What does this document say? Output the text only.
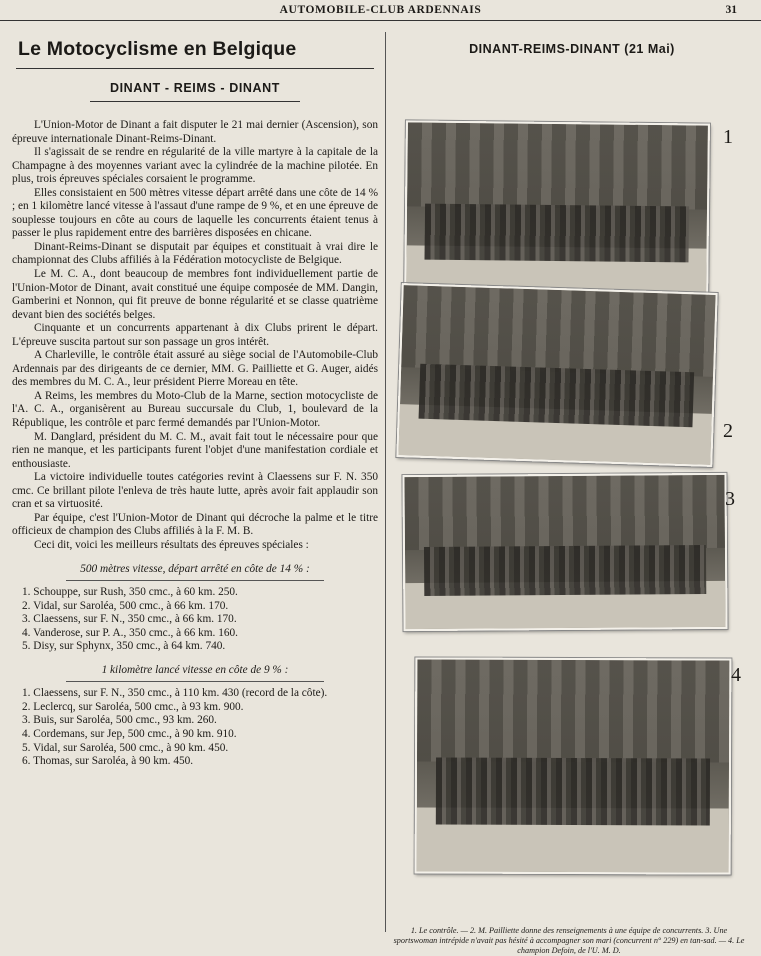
AUTOMOBILE-CLUB ARDENNAIS	31
Le Motocyclisme en Belgique
DINANT - REIMS - DINANT

L'Union-Motor de Dinant a fait disputer le 21 mai dernier (Ascension), son épreuve internationale Dinant-Reims-Dinant.

Il s'agissait de se rendre en régularité de la ville martyre à la capitale de la Champagne à des moyennes variant avec la cylindrée de la machine pilotée. En plus, trois épreuves spéciales corsaient le programme.

Elles consistaient en 500 mètres vitesse départ arrêté dans une côte de 14 % ; en 1 kilomètre lancé vitesse à l'assaut d'une rampe de 9 %, et en une épreuve de souplesse toujours en côte au cours de laquelle les concurrents étaient tenus à passer le plus rapidement entre des barrières disposées en chicane.

Dinant-Reims-Dinant se disputait par équipes et constituait à vrai dire le championnat des Clubs affiliés à la Fédération motocycliste de Belgique.

Le M. C. A., dont beaucoup de membres font individuellement partie de l'Union-Motor de Dinant, avait constitué une équipe composée de MM. Dangin, Gamberini et Nonnon, qui fit preuve de bonne régularité et se classe quatrième devant bien des sociétés belges.

Cinquante et un concurrents appartenant à dix Clubs prirent le départ. L'épreuve suscita partout sur son passage un gros intérêt.

A Charleville, le contrôle était assuré au siège social de l'Automobile-Club Ardennais par des dirigeants de ce dernier, MM. G. Pailliette et G. Auger, aidés des membres du M. C. A., leur président Pierre Moreau en tête.

A Reims, les membres du Moto-Club de la Marne, section motocycliste de l'A. C. A., organisèrent au Bureau succursale du Club, 1, boulevard de la République, les contrôle et parc fermé demandés par l'Union-Motor.

M. Danglard, président du M. C. M., avait fait tout le nécessaire pour que rien ne manque, et les participants furent l'objet d'une manifestation cordiale et enthousiaste.

La victoire individuelle toutes catégories revint à Claessens sur F. N. 350 cmc. Ce brillant pilote l'enleva de très haute lutte, après avoir fait applaudir son cran et sa virtuosité.

Par équipe, c'est l'Union-Motor de Dinant qui décroche la palme et le titre officieux de champion des Clubs affiliés à la F. M. B.

Ceci dit, voici les meilleurs résultats des épreuves spéciales :

500 mètres vitesse, départ arrêté en côte de 14 % :

1. Schouppe, sur Rush, 350 cmc., à 60 km. 250.
2. Vidal, sur Saroléa, 500 cmc., à 66 km. 170.
3. Claessens, sur F. N., 350 cmc., à 66 km. 170.
4. Vanderose, sur P. A., 350 cmc., à 66 km. 160.
5. Disy, sur Sphynx, 350 cmc., à 64 km. 740.

1 kilomètre lancé vitesse en côte de 9 % :

1. Claessens, sur F. N., 350 cmc., à 110 km. 430 (record de la côte).
2. Leclercq, sur Saroléa, 500 cmc., à 93 km. 900.
3. Buis, sur Saroléa, 500 cmc., 93 km. 260.
4. Cordemans, sur Jep, 500 cmc., à 90 km. 910.
5. Vidal, sur Saroléa, 500 cmc., à 90 km. 450.
6. Thomas, sur Saroléa, à 90 km. 450.
DINANT-REIMS-DINANT (21 Mai)
1
2
3
4
1. Le contrôle. — 2. M. Pailliette donne des renseignements à une équipe de concurrents. 3. Une sportswoman intrépide n'avait pas hésité à accompagner son mari (concurrent n° 229) en tan-sad. — 4. Le champion Defoin, de l'U. M. D.
